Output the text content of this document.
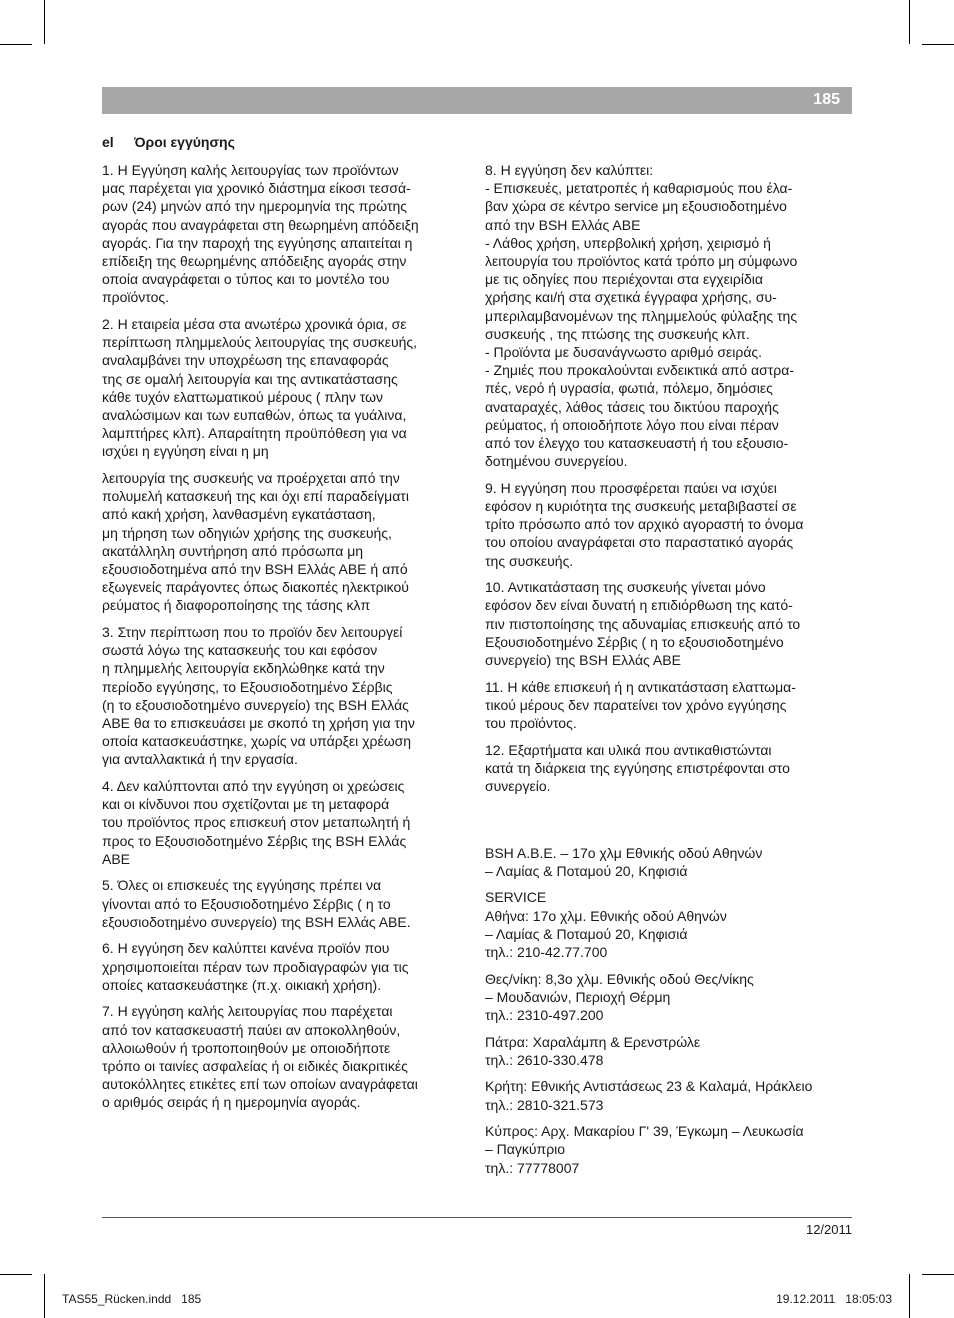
185
el Όροι εγγύησης

1. Η Εγγύηση καλής λειτουργίας των προϊόντων
μας παρέχεται για χρονικό διάστημα είκοσι τεσσά-
ρων (24) μηνών από την ημερομηνία της πρώτης
αγοράς που αναγράφεται στη θεωρημένη απόδειξη
αγοράς. Για την παροχή της εγγύησης απαιτείται η
επίδειξη της θεωρημένης απόδειξης αγοράς στην
οποία αναγράφεται ο τύπος και το μοντέλο του
προϊόντος.

2. Η εταιρεία μέσα στα ανωτέρω χρονικά όρια, σε
περίπτωση πλημμελούς λειτουργίας της συσκευής,
αναλαμβάνει την υποχρέωση της επαναφοράς
της σε ομαλή λειτουργία και της αντικατάστασης
κάθε τυχόν ελαττωματικού μέρους ( πλην των
αναλώσιμων και των ευπαθών, όπως τα γυάλινα,
λαμπτήρες κλπ). Απαραίτητη προϋπόθεση για να
ισχύει η εγγύηση είναι η μη

λειτουργία της συσκευής να προέρχεται από την
πολυμελή κατασκευή της και όχι επί παραδείγματι
από κακή χρήση, λανθασμένη εγκατάσταση,
μη τήρηση των οδηγιών χρήσης της συσκευής,
ακατάλληλη συντήρηση από πρόσωπα μη
εξουσιοδοτημένα από την BSH Ελλάς ΑΒΕ ή από
εξωγενείς παράγοντες όπως διακοπές ηλεκτρικού
ρεύματος ή διαφοροποίησης της τάσης κλπ

3. Στην περίπτωση που το προϊόν δεν λειτουργεί
σωστά λόγω της κατασκευής του και εφόσον
η πλημμελής λειτουργία εκδηλώθηκε κατά την
περίοδο εγγύησης, το Εξουσιοδοτημένο Σέρβις
(η το εξουσιοδοτημένο συνεργείο) της BSH Ελλάς
ΑΒΕ θα το επισκευάσει με σκοπό τη χρήση για την
οποία κατασκευάστηκε, χωρίς να υπάρξει χρέωση
για ανταλλακτικά ή την εργασία.

4. Δεν καλύπτονται από την εγγύηση οι χρεώσεις
και οι κίνδυνοι που σχετίζονται με τη μεταφορά
του προϊόντος προς επισκευή στον μεταπωλητή ή
προς το Εξουσιοδοτημένο Σέρβις της BSH Ελλάς
ΑΒΕ

5. Όλες οι επισκευές της εγγύησης πρέπει να
γίνονται από το Εξουσιοδοτημένο Σέρβις ( η το
εξουσιοδοτημένο συνεργείο) της BSH Ελλάς ΑΒΕ.

6. Η εγγύηση δεν καλύπτει κανένα προϊόν που
χρησιμοποιείται πέραν των προδιαγραφών για τις
οποίες κατασκευάστηκε (π.χ. οικιακή χρήση).

7. Η εγγύηση καλής λειτουργίας που παρέχεται
από τον κατασκευαστή παύει αν αποκολληθούν,
αλλοιωθούν ή τροποποιηθούν με οποιοδήποτε
τρόπο οι ταινίες ασφαλείας ή οι ειδικές διακριτικές
αυτοκόλλητες ετικέτες επί των οποίων αναγράφεται
ο αριθμός σειράς ή η ημερομηνία αγοράς.

8. Η εγγύηση δεν καλύπτει:
- Επισκευές, μετατροπές ή καθαρισμούς που έλα-
βαν χώρα σε κέντρο service μη εξουσιοδοτημένο
από την BSH Ελλάς ΑΒΕ
- Λάθος χρήση, υπερβολική χρήση, χειρισμό ή
λειτουργία του προϊόντος κατά τρόπο μη σύμφωνο
με τις οδηγίες που περιέχονται στα εγχειρίδια
χρήσης και/ή στα σχετικά έγγραφα χρήσης, συ-
μπεριλαμβανομένων της πλημμελούς φύλαξης της
συσκευής , της πτώσης της συσκευής κλπ.
- Προϊόντα με δυσανάγνωστο αριθμό σειράς.
- Ζημιές που προκαλούνται ενδεικτικά από αστρα-
πές, νερό ή υγρασία, φωτιά, πόλεμο, δημόσιες
αναταραχές, λάθος τάσεις του δικτύου παροχής
ρεύματος, ή οποιοδήποτε λόγο που είναι πέραν
από τον έλεγχο του κατασκευαστή ή του εξουσιο-
δοτημένου συνεργείου.

9. Η εγγύηση που προσφέρεται παύει να ισχύει
εφόσον η κυριότητα της συσκευής μεταβιβαστεί σε
τρίτο πρόσωπο από τον αρχικό αγοραστή το όνομα
του οποίου αναγράφεται στο παραστατικό αγοράς
της συσκευής.

10. Αντικατάσταση της συσκευής γίνεται μόνο
εφόσον δεν είναι δυνατή η επιδιόρθωση της κατό-
πιν πιστοποίησης της αδυναμίας επισκευής από το
Εξουσιοδοτημένο Σέρβις ( η το εξουσιοδοτημένο
συνεργείο) της BSH Ελλάς ΑΒΕ

11. Η κάθε επισκευή ή η αντικατάσταση ελαττωμα-
τικού μέρους δεν παρατείνει τον χρόνο εγγύησης
του προϊόντος.

12. Εξαρτήματα και υλικά που αντικαθιστώνται
κατά τη διάρκεια της εγγύησης επιστρέφονται στο
συνεργείο.

BSH A.B.E. – 17ο χλμ Εθνικής οδού Αθηνών
– Λαμίας & Ποταμού 20, Κηφισιά

SERVICE
Αθήνα: 17ο χλμ. Εθνικής οδού Αθηνών
– Λαμίας & Ποταμού 20, Κηφισιά
τηλ.: 210-42.77.700

Θες/νίκη: 8,3ο χλμ. Εθνικής οδού Θες/νίκης
– Μουδανιών, Περιοχή Θέρμη
τηλ.: 2310-497.200

Πάτρα: Χαραλάμπη & Ερενστρώλε
τηλ.: 2610-330.478

Κρήτη: Εθνικής Αντιστάσεως 23 & Καλαμά, Ηράκλειο
τηλ.: 2810-321.573

Κύπρος: Αρχ. Μακαρίου Γ' 39, Έγκωμη – Λευκωσία
– Παγκύπριο
τηλ.: 77778007

12/2011
TAS55_Rücken.indd   185	19.12.2011   18:05:03
